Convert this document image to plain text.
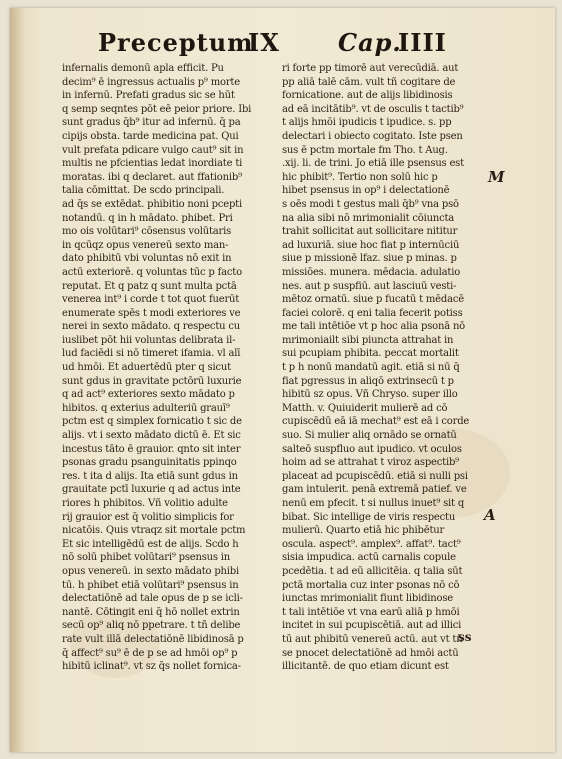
Preceptum
IX Cap.
IIII
infernalis demonū apla efficit. Pu
decim⁹ ē ingressus actualis p⁹ morte
in infernū. Prefati gradus sic se hūt
q semp seqntes pōt eē peior priore. Ibi
sunt gradus q̄b⁹ itur ad infernū. q̄ pa
cipijs obsta. tarde medicina pat. Qui
vult prefata pdicare vulgo caut⁹ sit in
multis ne pfcientias ledat inordiate ti
moratas. ibi q declaret. aut ffationib⁹
talia cōmittat. De scdo principali.
ad q̄s se extēdat. phibitio noni pcepti
notandū. q in h mādato. phibet. Pri
mo ois volūtari⁹ cōsensus volūtaris
in qcūqz opus venereū sexto man-
dato phibitū vbi voluntas nō exit in
actū exteriorē. q voluntas tūc p facto
reputat. Et q patz q sunt multa pctā
venerea int⁹ i corde t tot quot fuerūt
enumerate spēs t modi exteriores ve
nerei in sexto mādato. q respectu cu
iuslibet pōt hii voluntas delibrata il-
lud faciēdi si nō timeret ifamia. vl alī
ud hmōi. Et aduertēdū pter q sicut
sunt gdus in gravitate pctōrū luxurie
q ad act⁹ exteriores sexto mādato p
hibitos. q exterius adulteriū grauī⁹
pctm est q simplex fornicatio t sic de
alijs. vt i sexto mādato dictū ē. Et sic
incestus tāto ē grauior. qnto sit inter
psonas gradu psanguinitatis ppinqo
res. t ita d alijs. Ita etiā sunt gdus in
grauitate pctī luxurie q ad actus inte
riores h phibitos. Vñ volitio adulte
rij grauior est q̄ volitio simplicis for
nicatōis. Quis vtraqz sit mortale pctm
Et sic intelligēdū est de alijs. Scdo h
nō solū phibet volūtari⁹ psensus in
opus venereū. in sexto mādato phibi
tū. h phibet etiā volūtari⁹ psensus in
delectatiōnē ad tale opus de p se icli-
nantē. Cōtingit eni q̄ hō nollet extrin
secū op⁹ aliq nō ppetrare. t tñ delibe
rate vult illā delectatiōnē libidinosā p
q̄ affect⁹ su⁹ ē de p se ad hmōi op⁹ p
hibitū iclinat⁹. vt sz q̄s nollet fornica-
ri forte pp timorē aut verecūdiā. aut
pp aliā talē cām. vult tñ cogitare de
fornicatione. aut de alijs libidinosis
ad eā incitātib⁹. vt de osculis t tactib⁹
t alijs hmōi ipudicis t ipudice. s. pp
delectari i obiecto cogitato. Iste psen
sus ē pctm mortale fm Tho. t Aug.
.xij. li. de trini. Jo etiā ille psensus est
hic phibit⁹. Tertio non solū hic p
hibet psensus in op⁹ i delectationē
s oēs modi t gestus mali q̄b⁹ vna psō
na alia sibi nō mrimonialit cōiuncta
trahit sollicitat aut sollicitare nititur
ad luxuriā. siue hoc fiat p internūciū
siue p missionē lfaz. siue p minas. p
missiōes. munera. mēdacia. adulatio
nes. aut p suspfiū. aut lasciuū vesti-
mētoz ornatū. siue p fucatū t mēdacē
faciei colorē. q eni talia fecerit potiss
me tali intētiōe vt p hoc alia psonā nō
mrimoniailt sibi piuncta attrahat in
sui pcupiam phibita. peccat mortalit
t p h nonū mandatū agit. etiā si nū q̄
fiat pgressus in aliqō extrinsecū t p
hibitū sz opus. Vñ Chryso. super illo
Matth. v. Quiuiderit mulierē ad cō
cupiscēdū eā iā mechat⁹ est eā i corde
suo. Si mulier aliq ornādo se ornatū
salteō suspfluo aut ipudico. vt oculos
hoim ad se attrahat t viroz aspectib⁹
placeat ad pcupiscēdū. etiā si nulli psi
gam intulerit. penā extremā patief. ve
nenū em pfecit. t si nullus inuet⁹ sit q
bibat. Sic intellige de viris respectu
mulierū. Quarto etiā hic phibētur
oscula. aspect⁹. amplex⁹. affat⁹. tact⁹
sisia impudica. actū carnalis copule
pcedētia. t ad eū allicitēia. q talia sūt
pctā mortalia cuz inter psonas nō cō
iunctas mrimonialit fiunt libidinose
t tali intētiōe vt vna earū aliā p hmōi
incitet in sui pcupiscētiā. aut ad illici
tū aut phibitū venereū actū. aut vt tñ
se pnocet delectatiōnē ad hmōi actū
illicitantē. de quo etiam dicunt est
M
A
ss
